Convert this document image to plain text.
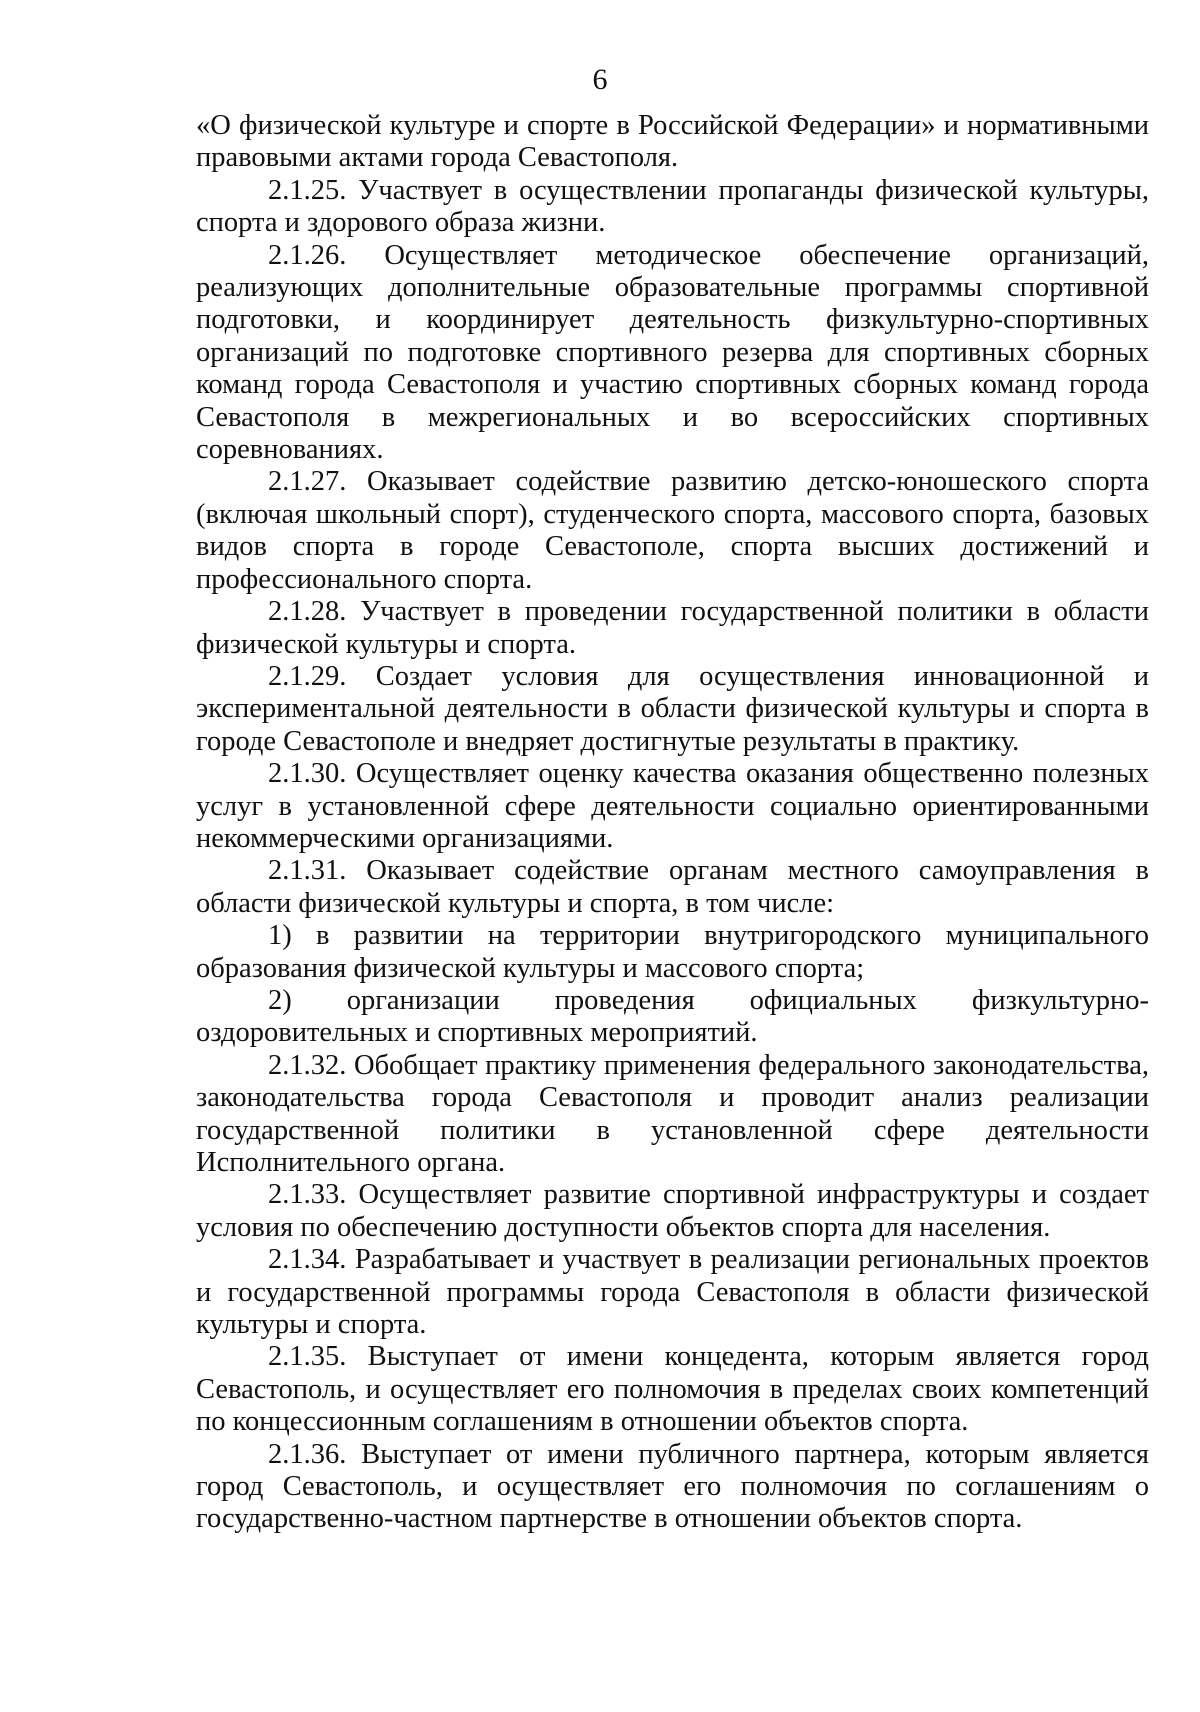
6

«О физической культуре и спорте в Российской Федерации» и нормативными правовыми актами города Севастополя.

2.1.25. Участвует в осуществлении пропаганды физической культуры, спорта и здорового образа жизни.

2.1.26. Осуществляет методическое обеспечение организаций, реализующих дополнительные образовательные программы спортивной подготовки, и координирует деятельность физкультурно-спортивных организаций по подготовке спортивного резерва для спортивных сборных команд города Севастополя и участию спортивных сборных команд города Севастополя в межрегиональных и во всероссийских спортивных соревнованиях.

2.1.27. Оказывает содействие развитию детско-юношеского спорта (включая школьный спорт), студенческого спорта, массового спорта, базовых видов спорта в городе Севастополе, спорта высших достижений и профессионального спорта.

2.1.28. Участвует в проведении государственной политики в области физической культуры и спорта.

2.1.29. Создает условия для осуществления инновационной и экспериментальной деятельности в области физической культуры и спорта в городе Севастополе и внедряет достигнутые результаты в практику.

2.1.30. Осуществляет оценку качества оказания общественно полезных услуг в установленной сфере деятельности социально ориентированными некоммерческими организациями.

2.1.31. Оказывает содействие органам местного самоуправления в области физической культуры и спорта, в том числе:

1) в развитии на территории внутригородского муниципального образования физической культуры и массового спорта;

2) организации проведения официальных физкультурно-оздоровительных и спортивных мероприятий.

2.1.32. Обобщает практику применения федерального законодательства, законодательства города Севастополя и проводит анализ реализации государственной политики в установленной сфере деятельности Исполнительного органа.

2.1.33. Осуществляет развитие спортивной инфраструктуры и создает условия по обеспечению доступности объектов спорта для населения.

2.1.34. Разрабатывает и участвует в реализации региональных проектов и государственной программы города Севастополя в области физической культуры и спорта.

2.1.35. Выступает от имени концедента, которым является город Севастополь, и осуществляет его полномочия в пределах своих компетенций по концессионным соглашениям в отношении объектов спорта.

2.1.36. Выступает от имени публичного партнера, которым является город Севастополь, и осуществляет его полномочия по соглашениям о государственно-частном партнерстве в отношении объектов спорта.
